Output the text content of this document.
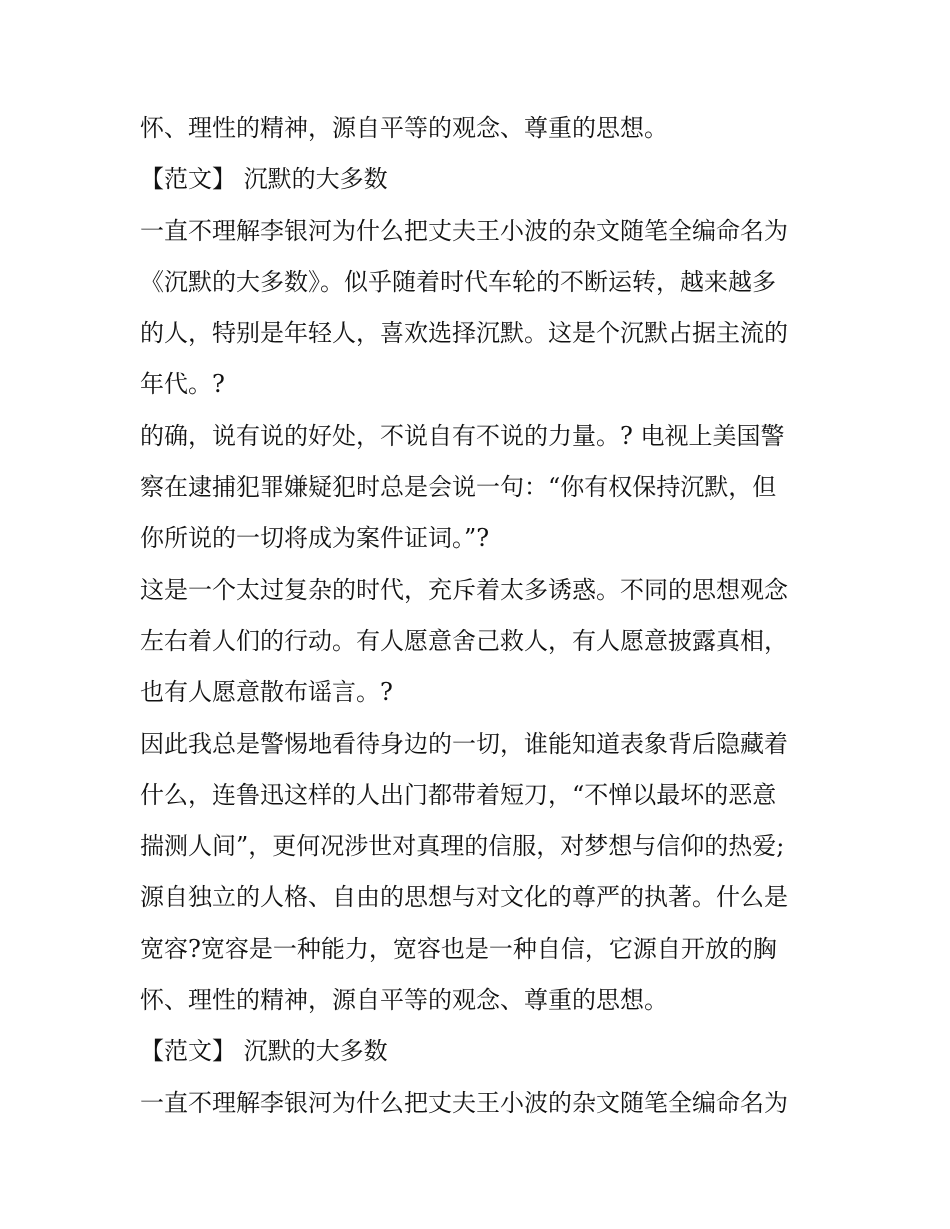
怀、理性的精神，源自平等的观念、尊重的思想。
【范文】 沉默的大多数
一直不理解李银河为什么把丈夫王小波的杂文随笔全编命名为
《沉默的大多数》。似乎随着时代车轮的不断运转，越来越多
的人，特别是年轻人，喜欢选择沉默。这是个沉默占据主流的
年代。?
的确，说有说的好处，不说自有不说的力量。? 电视上美国警
察在逮捕犯罪嫌疑犯时总是会说一句：“你有权保持沉默，但
你所说的一切将成为案件证词。”?
这是一个太过复杂的时代，充斥着太多诱惑。不同的思想观念
左右着人们的行动。有人愿意舍己救人，有人愿意披露真相，
也有人愿意散布谣言。?
因此我总是警惕地看待身边的一切，谁能知道表象背后隐藏着
什么，连鲁迅这样的人出门都带着短刀，“不惮以最坏的恶意
揣测人间”，更何况涉世对真理的信服，对梦想与信仰的热爱;
源自独立的人格、自由的思想与对文化的尊严的执著。什么是
宽容?宽容是一种能力，宽容也是一种自信，它源自开放的胸
怀、理性的精神，源自平等的观念、尊重的思想。
【范文】 沉默的大多数
一直不理解李银河为什么把丈夫王小波的杂文随笔全编命名为
